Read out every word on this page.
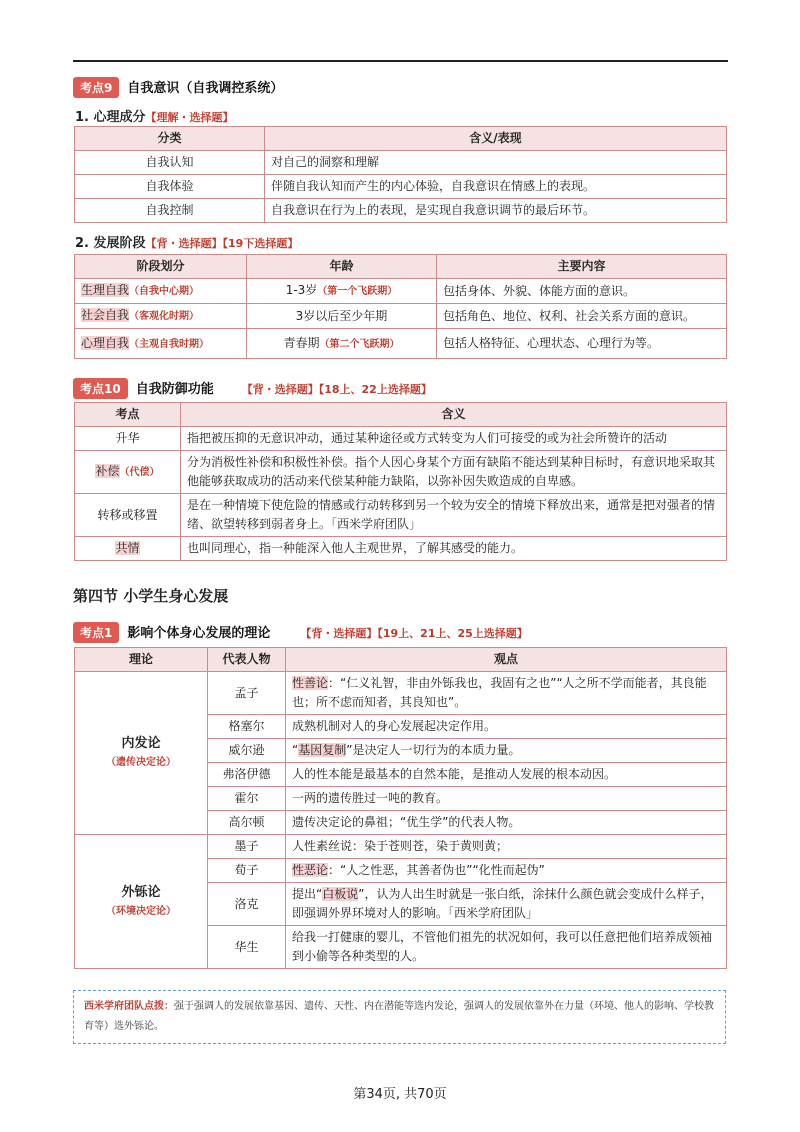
考点9 自我意识（自我调控系统）
1. 心理成分【理解・选择题】
分类	含义/表现
自我认知	对自己的洞察和理解
自我体验	伴随自我认知而产生的内心体验，自我意识在情感上的表现。
自我控制	自我意识在行为上的表现，是实现自我意识调节的最后环节。
2. 发展阶段【背・选择题】【19下选择题】
阶段划分	年龄	主要内容
生理自我（自我中心期）	1-3岁（第一个飞跃期）	包括身体、外貌、体能方面的意识。
社会自我（客观化时期）	3岁以后至少年期	包括角色、地位、权利、社会关系方面的意识。
心理自我（主观自我时期）	青春期（第二个飞跃期）	包括人格特征、心理状态、心理行为等。
考点10 自我防御功能	【背・选择题】【18上、22上选择题】
考点	含义
升华	指把被压抑的无意识冲动，通过某种途径或方式转变为人们可接受的或为社会所赞许的活动
补偿（代偿）	分为消极性补偿和积极性补偿。指个人因心身某个方面有缺陷不能达到某种目标时，有意识地采取其他能够获取成功的活动来代偿某种能力缺陷，以弥补因失败造成的自卑感。
转移或移置	是在一种情境下使危险的情感或行动转移到另一个较为安全的情境下释放出来，通常是把对强者的情绪、欲望转移到弱者身上。「西米学府团队」
共情	也叫同理心，指一种能深入他人主观世界，了解其感受的能力。
第四节 小学生身心发展
考点1 影响个体身心发展的理论	【背・选择题】【19上、21上、25上选择题】
理论	代表人物	观点

内发论
（遗传决定论）	孟子	性善论：“仁义礼智，非由外铄我也，我固有之也”“人之所不学而能者，其良能也；所不虑而知者，其良知也”。
	格塞尔	成熟机制对人的身心发展起决定作用。
	威尔逊	“基因复制”是决定人一切行为的本质力量。
	弗洛伊德	人的性本能是最基本的自然本能，是推动人发展的根本动因。
	霍尔	一两的遗传胜过一吨的教育。
	高尔顿	遗传决定论的鼻祖；“优生学”的代表人物。

外铄论
（环境决定论）	墨子	人性素丝说：染于苍则苍，染于黄则黄；
	荀子	性恶论：“人之性恶，其善者伪也”“化性而起伪”
	洛克	提出“白板说”，认为人出生时就是一张白纸，涂抹什么颜色就会变成什么样子，即强调外界环境对人的影响。「西米学府团队」
	华生	给我一打健康的婴儿，不管他们祖先的状况如何，我可以任意把他们培养成领袖到小偷等各种类型的人。
西米学府团队点拨：强于强调人的发展依靠基因、遗传、天性、内在潜能等选内发论，强调人的发展依靠外在力量（环境、他人的影响、学校教育等）选外铄论。
第34页, 共70页
